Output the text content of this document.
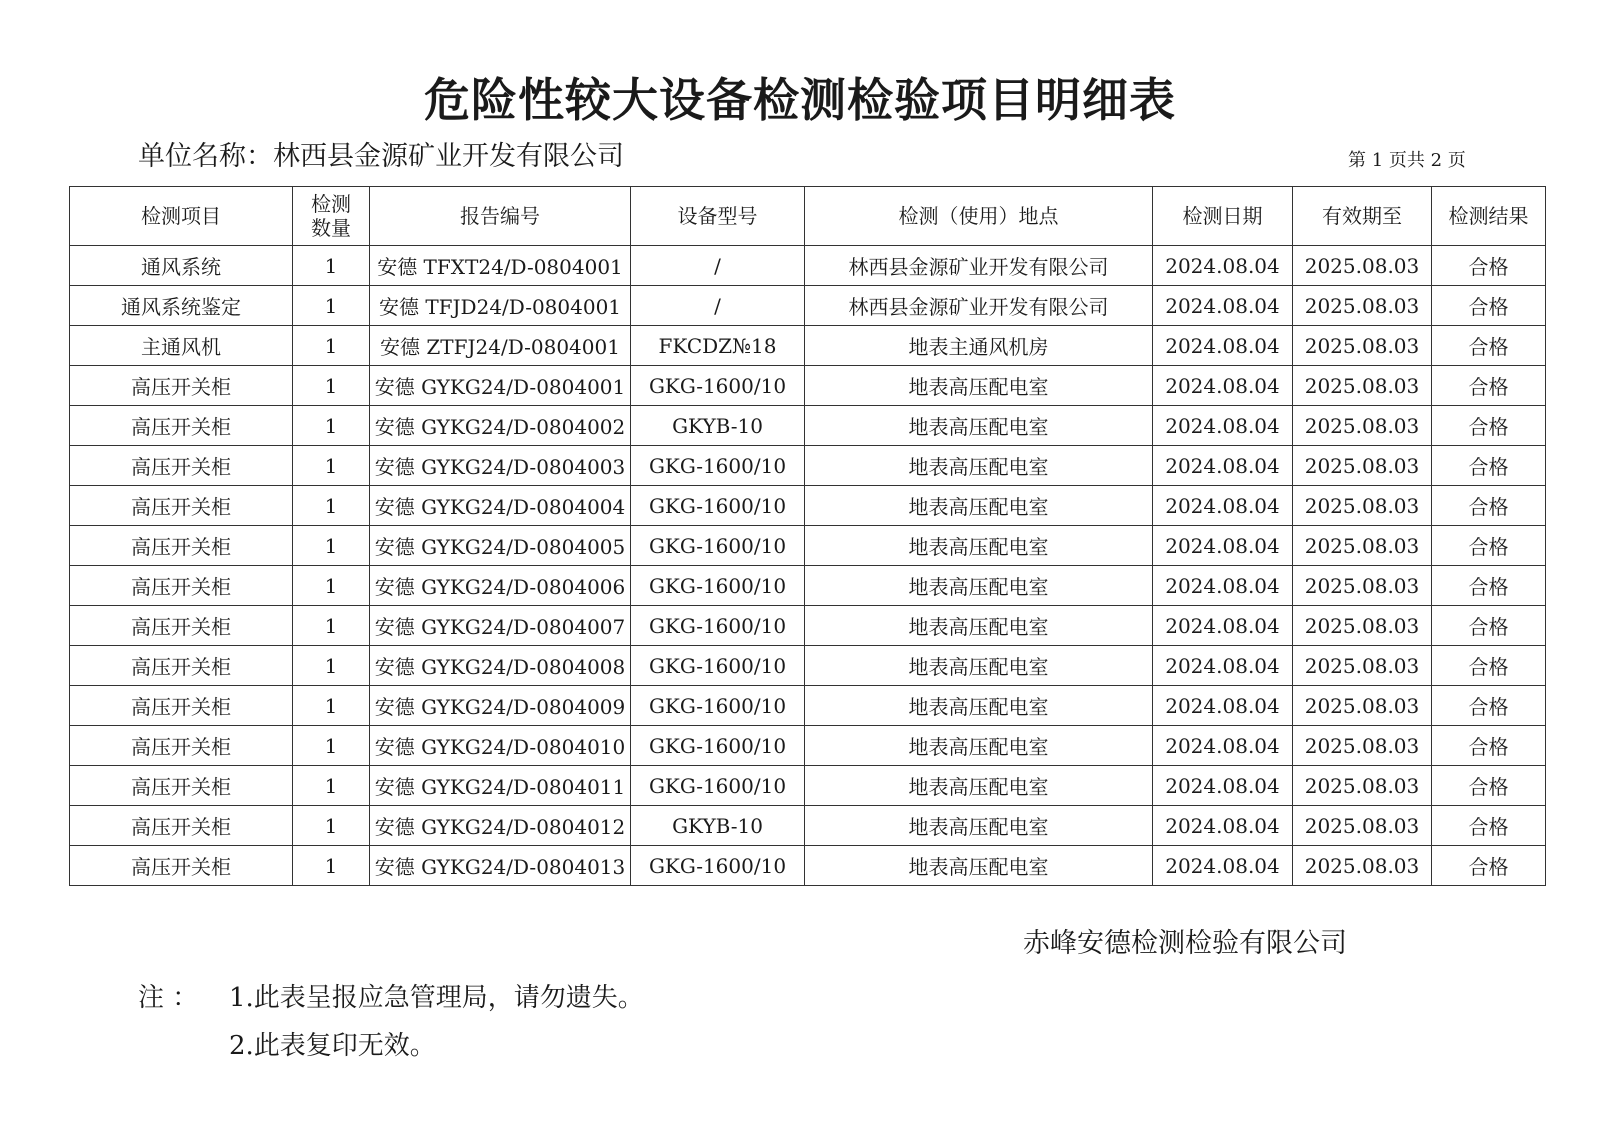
危险性较大设备检测检验项目明细表
单位名称：林西县金源矿业开发有限公司	第 1 页共 2 页
检测项目	检测数量	报告编号	设备型号	检测（使用）地点	检测日期	有效期至	检测结果
通风系统	1	安德 TFXT24/D-0804001	/	林西县金源矿业开发有限公司	2024.08.04	2025.08.03	合格
通风系统鉴定	1	安德 TFJD24/D-0804001	/	林西县金源矿业开发有限公司	2024.08.04	2025.08.03	合格
主通风机	1	安德 ZTFJ24/D-0804001	FKCDZ№18	地表主通风机房	2024.08.04	2025.08.03	合格
高压开关柜	1	安德 GYKG24/D-0804001	GKG-1600/10	地表高压配电室	2024.08.04	2025.08.03	合格
高压开关柜	1	安德 GYKG24/D-0804002	GKYB-10	地表高压配电室	2024.08.04	2025.08.03	合格
高压开关柜	1	安德 GYKG24/D-0804003	GKG-1600/10	地表高压配电室	2024.08.04	2025.08.03	合格
高压开关柜	1	安德 GYKG24/D-0804004	GKG-1600/10	地表高压配电室	2024.08.04	2025.08.03	合格
高压开关柜	1	安德 GYKG24/D-0804005	GKG-1600/10	地表高压配电室	2024.08.04	2025.08.03	合格
高压开关柜	1	安德 GYKG24/D-0804006	GKG-1600/10	地表高压配电室	2024.08.04	2025.08.03	合格
高压开关柜	1	安德 GYKG24/D-0804007	GKG-1600/10	地表高压配电室	2024.08.04	2025.08.03	合格
高压开关柜	1	安德 GYKG24/D-0804008	GKG-1600/10	地表高压配电室	2024.08.04	2025.08.03	合格
高压开关柜	1	安德 GYKG24/D-0804009	GKG-1600/10	地表高压配电室	2024.08.04	2025.08.03	合格
高压开关柜	1	安德 GYKG24/D-0804010	GKG-1600/10	地表高压配电室	2024.08.04	2025.08.03	合格
高压开关柜	1	安德 GYKG24/D-0804011	GKG-1600/10	地表高压配电室	2024.08.04	2025.08.03	合格
高压开关柜	1	安德 GYKG24/D-0804012	GKYB-10	地表高压配电室	2024.08.04	2025.08.03	合格
高压开关柜	1	安德 GYKG24/D-0804013	GKG-1600/10	地表高压配电室	2024.08.04	2025.08.03	合格
赤峰安德检测检验有限公司
注 ： 1.此表呈报应急管理局，请勿遗失。
2.此表复印无效。
